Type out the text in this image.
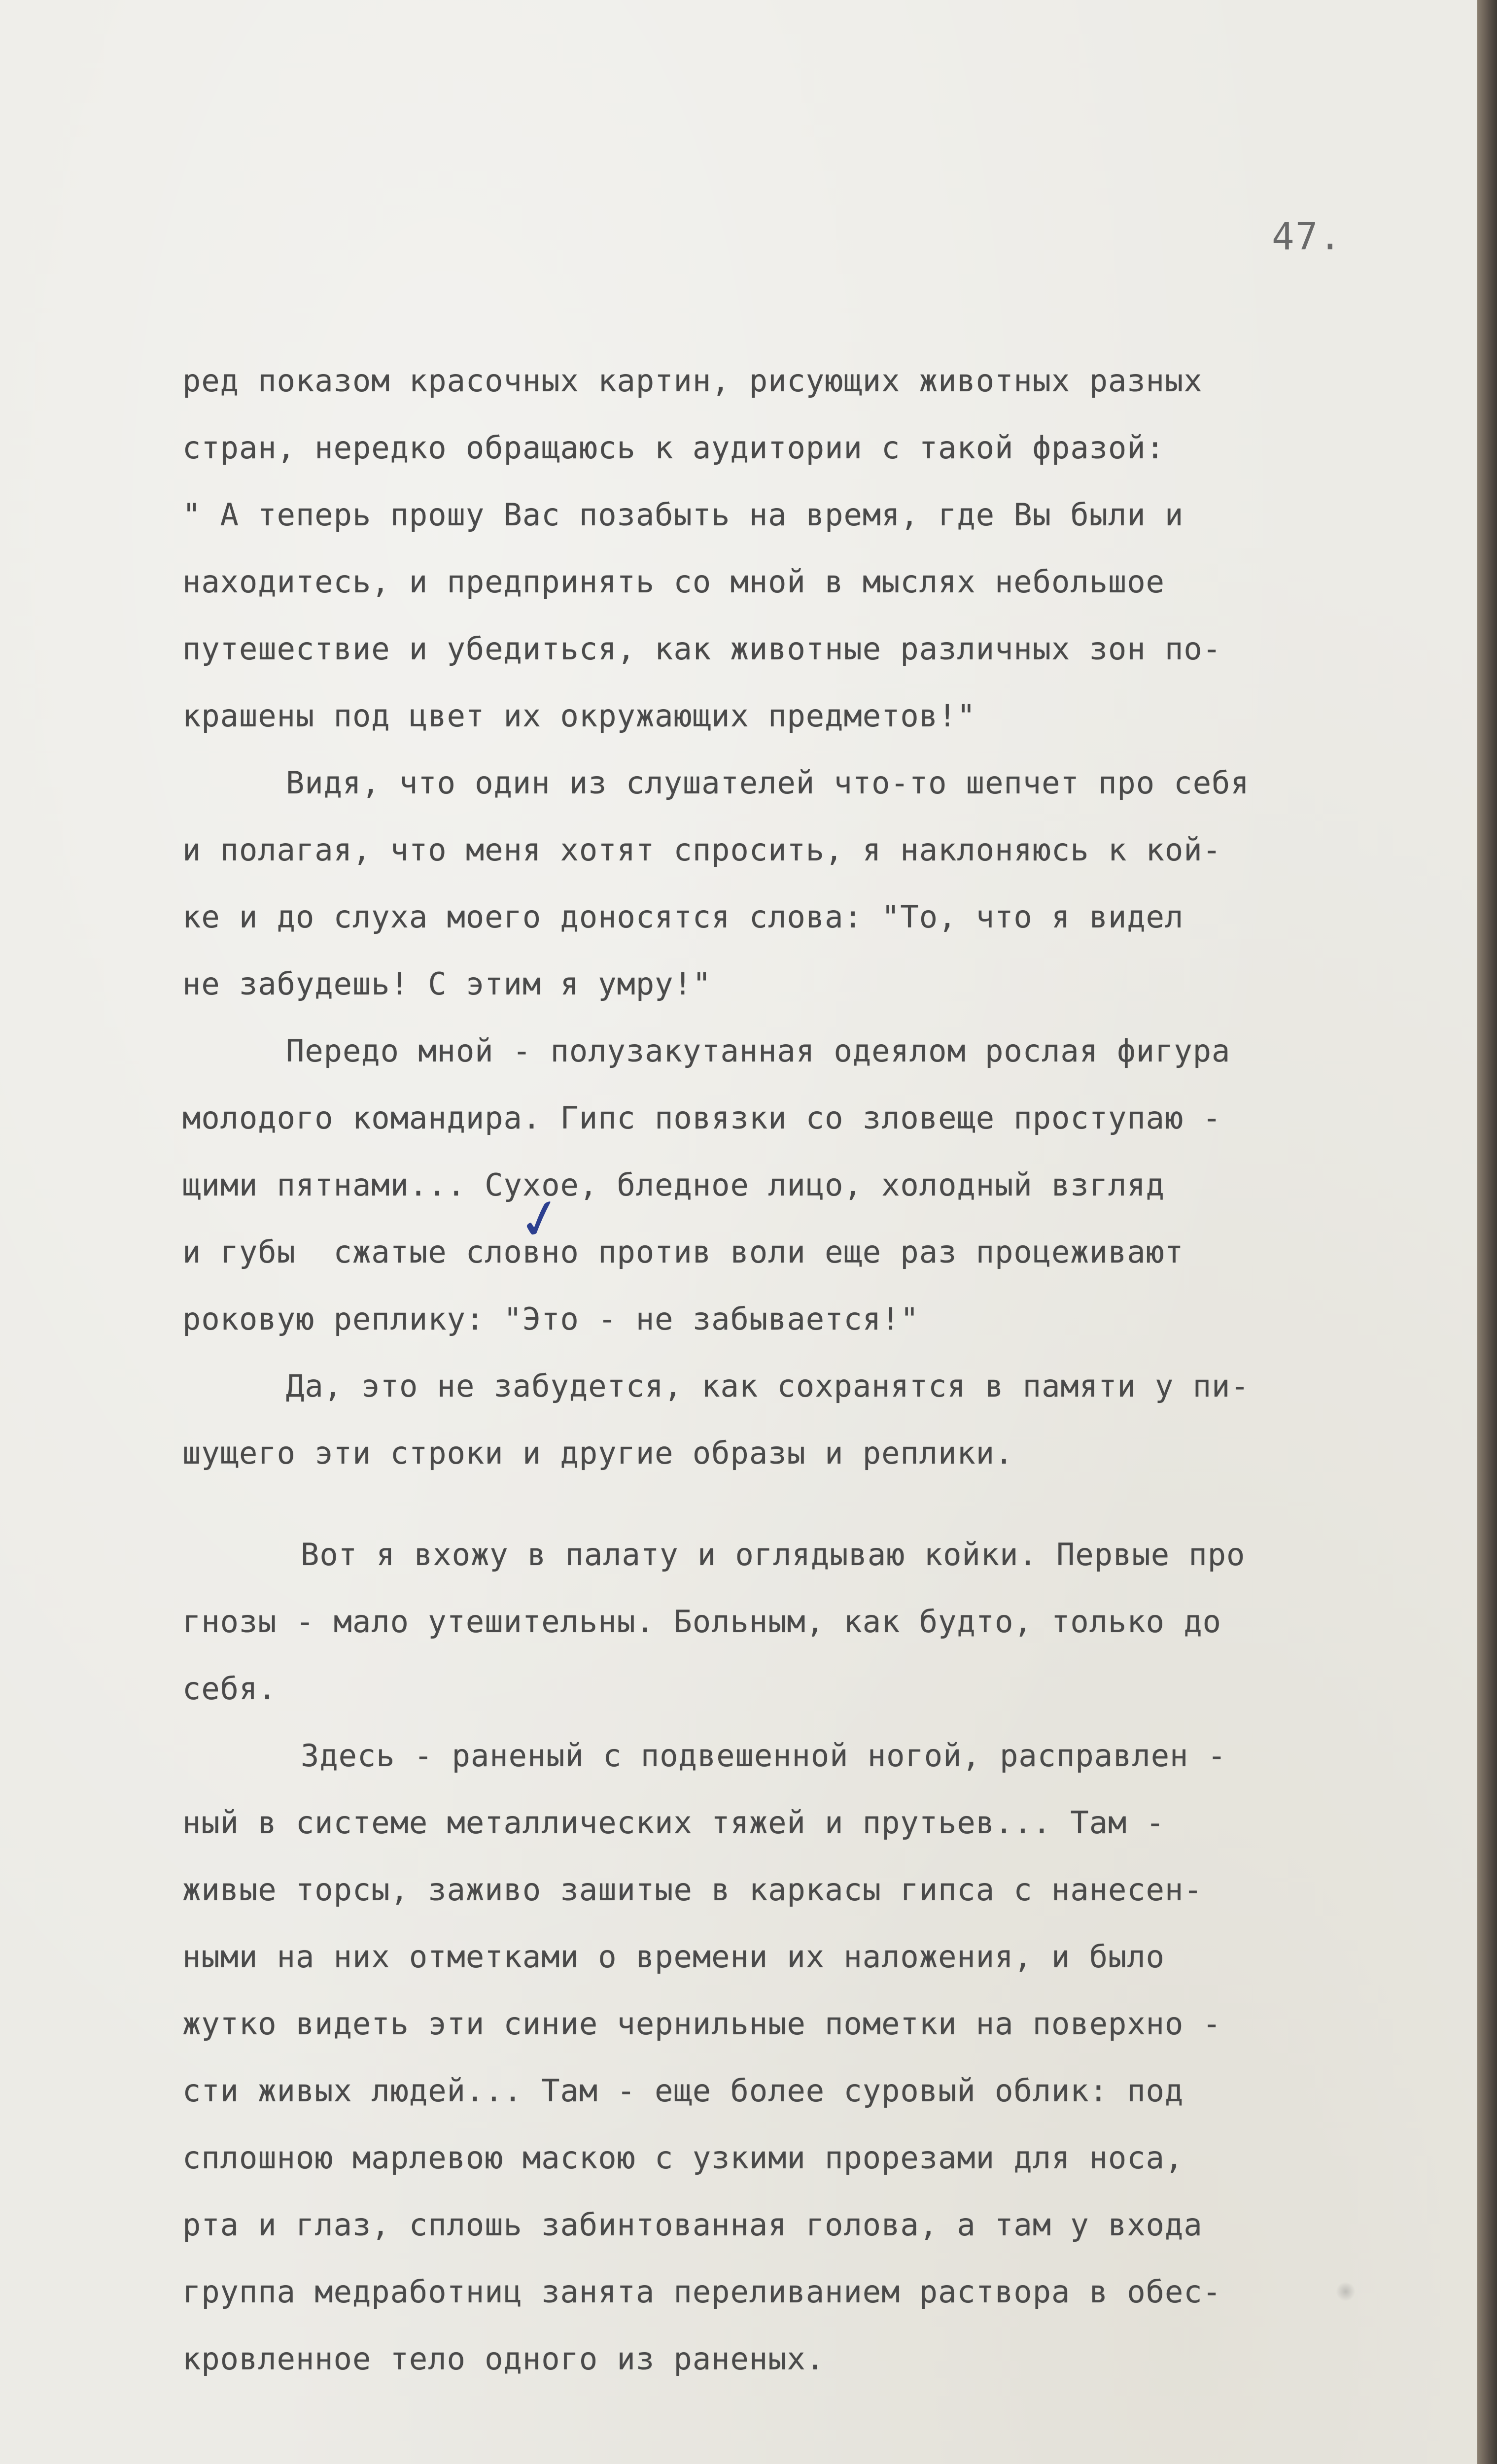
47.
ред показом красочных картин, рисующих животных разных
стран, нередко обращаюсь к аудитории с такой фразой:
" А теперь прошу Вас позабыть на время, где Вы были и
находитесь, и предпринять со мной в мыслях небольшое
путешествие и убедиться, как животные различных зон по-
крашены под цвет их окружающих предметов!"
Видя, что один из слушателей что-то шепчет про себя
и полагая, что меня хотят спросить, я наклоняюсь к кой-
ке и до слуха моего доносятся слова: "То, что я видел
не забудешь! С этим я умру!"
Передо мной - полузакутанная одеялом рослая фигура
молодого командира. Гипс повязки со зловеще проступаю -
щими пятнами... Сухое, бледное лицо, холодный взгляд
и губы  сжатые словно против воли еще раз процеживают
роковую реплику: "Это - не забывается!"
Да, это не забудется, как сохранятся в памяти у пи-
шущего эти строки и другие образы и реплики.
Вот я вхожу в палату и оглядываю койки. Первые про
гнозы - мало утешительны. Больным, как будто, только до
себя.
Здесь - раненый с подвешенной ногой, расправлен -
ный в системе металлических тяжей и прутьев... Там -
живые торсы, заживо зашитые в каркасы гипса с нанесен-
ными на них отметками о времени их наложения, и было
жутко видеть эти синие чернильные пометки на поверхно -
сти живых людей... Там - еще более суровый облик: под
сплошною марлевою маскою с узкими прорезами для носа,
рта и глаз, сплошь забинтованная голова, а там у входа
группа медработниц занята переливанием раствора в обес-
кровленное тело одного из раненых.
✓
